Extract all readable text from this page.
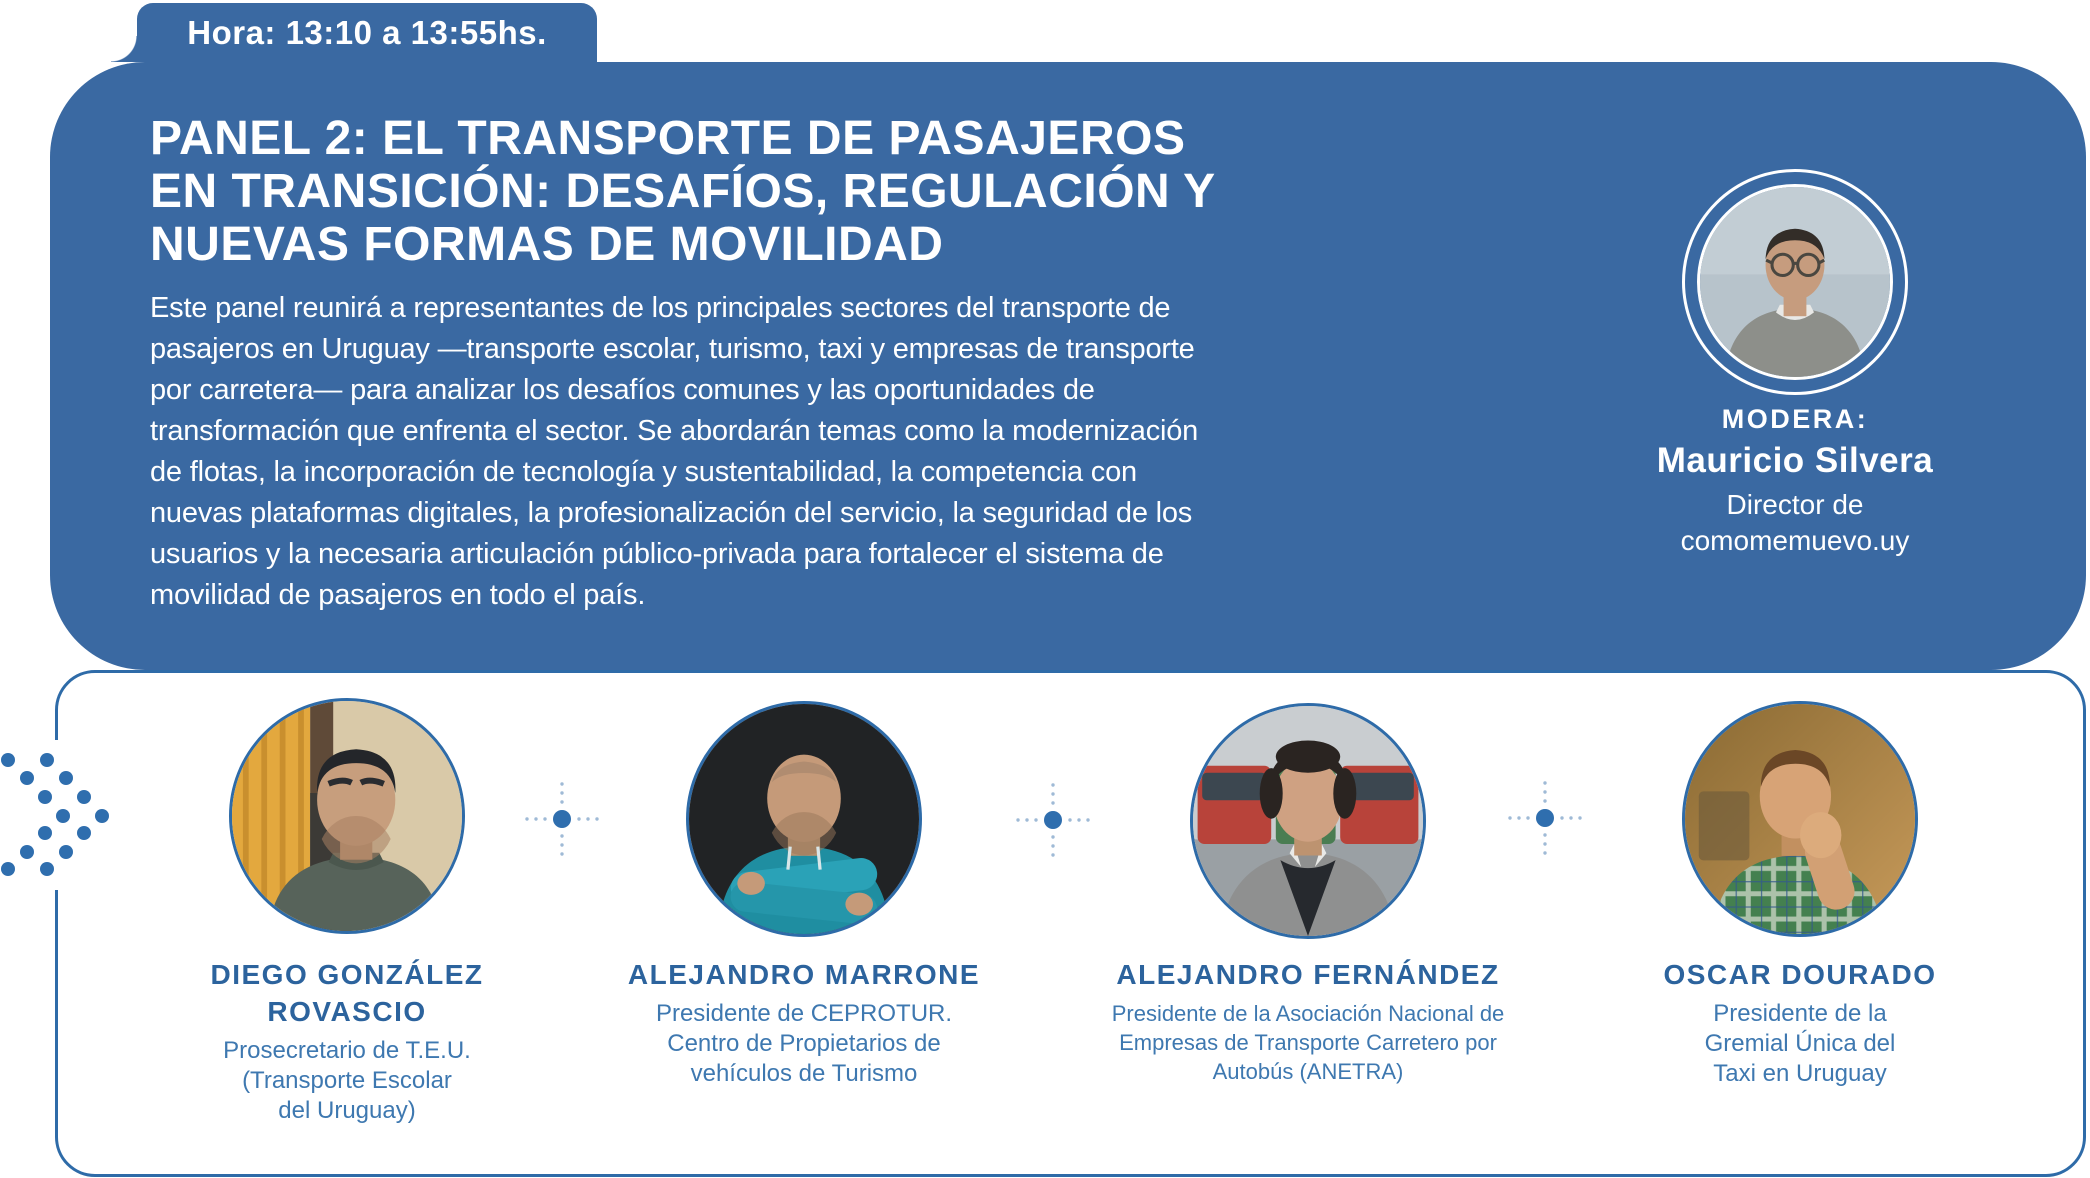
Hora: 13:10 a 13:55hs.
PANEL 2: EL TRANSPORTE DE PASAJEROS
EN TRANSICIÓN: DESAFÍOS, REGULACIÓN Y
NUEVAS FORMAS DE MOVILIDAD
Este panel reunirá a representantes de los principales sectores del transporte de
pasajeros en Uruguay —transporte escolar, turismo, taxi y empresas de transporte
por carretera— para analizar los desafíos comunes y las oportunidades de
transformación que enfrenta el sector. Se abordarán temas como la modernización
de flotas, la incorporación de tecnología y sustentabilidad, la competencia con
nuevas plataformas digitales, la profesionalización del servicio, la seguridad de los
usuarios y la necesaria articulación público-privada para fortalecer el sistema de
movilidad de pasajeros en todo el país.
MODERA:
Mauricio Silvera
Director de
comomemuevo.uy
DIEGO GONZÁLEZ
ROVASCIO
Prosecretario de T.E.U.
(Transporte Escolar
del Uruguay)
ALEJANDRO MARRONE
Presidente de CEPROTUR.
Centro de Propietarios de
vehículos de Turismo
ALEJANDRO FERNÁNDEZ
Presidente de la Asociación Nacional de
Empresas de Transporte Carretero por
Autobús (ANETRA)
OSCAR DOURADO
Presidente de la
Gremial Única del
Taxi en Uruguay
